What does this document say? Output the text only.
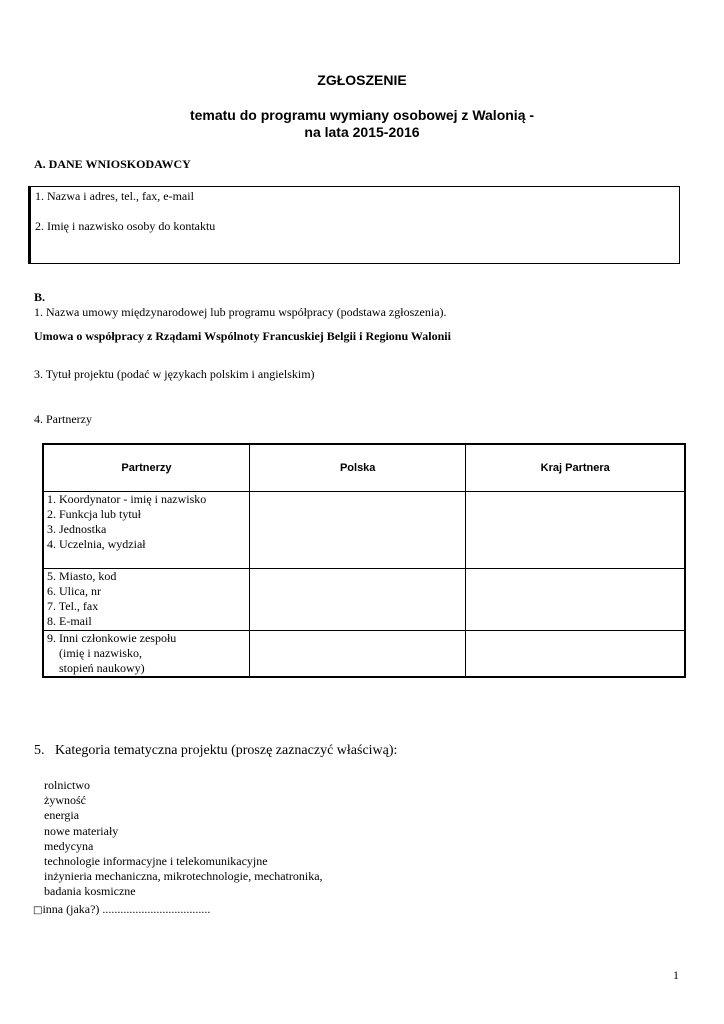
ZGŁOSZENIE
tematu do programu wymiany osobowej z Walonią -
na lata 2015-2016
A. DANE WNIOSKODAWCY
1. Nazwa i adres, tel., fax, e-mail
2. Imię i nazwisko osoby do kontaktu
B.
1. Nazwa umowy międzynarodowej lub programu współpracy (podstawa zgłoszenia).
Umowa o współpracy z Rządami Wspólnoty Francuskiej Belgii i Regionu Walonii
3. Tytuł projektu (podać w językach polskim i angielskim)
4. Partnerzy
Partnerzy	Polska	Kraj Partnera

1. Koordynator - imię i nazwisko
2. Funkcja lub tytuł
3. Jednostka
4. Uczelnia, wydział		

5. Miasto, kod
6. Ulica, nr
7. Tel., fax
8. E-mail		

9. Inni członkowie zespołu
(imię i nazwisko,
stopień naukowy)		

5.   Kategoria tematyczna projektu (proszę zaznaczyć właściwą):
rolnictwo
żywność
energia
nowe materiały
medycyna
technologie informacyjne i telekomunikacyjne
inżynieria mechaniczna, mikrotechnologie, mechatronika,
badania kosmiczne
□inna (jaka?) ....................................
1
